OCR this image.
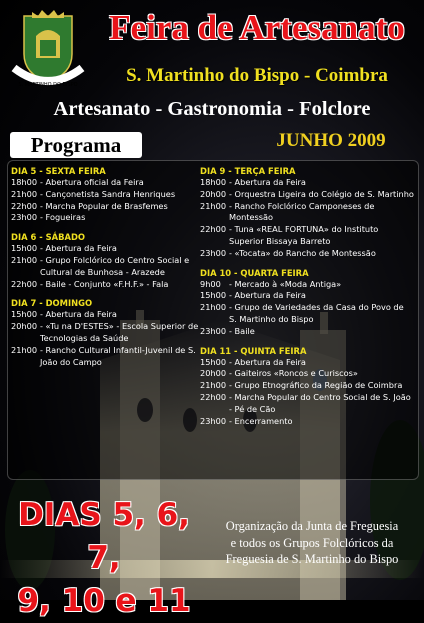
S. MARTINHO DO BISPO
Feira de Artesanato
S. Martinho do Bispo - Coimbra
Artesanato - Gastronomia - Folclore
Programa	JUNHO 2009
DIA 5 - SEXTA FEIRA
18h00 - Abertura oficial da Feira
21h00 - Cançonetista Sandra Henriques
22h00 - Marcha Popular de Brasfemes
23h00 - Fogueiras
DIA 6 - SÁBADO
15h00 - Abertura da Feira
21h00 - Grupo Folclórico do Centro Social e Cultural de Bunhosa - Arazede
22h00 - Baile - Conjunto «F.H.F.» - Fala
DIA 7 - DOMINGO
15h00 - Abertura da Feira
20h00 - «Tu na D'ESTES» - Escola Superior de Tecnologias da Saúde
21h00 - Rancho Cultural Infantil-Juvenil de S. João do Campo
DIA 9 - TERÇA FEIRA
18h00 - Abertura da Feira
20h00 - Orquestra Ligeira do Colégio de S. Martinho
21h00 - Rancho Folclórico Camponeses de Montessão
22h00 - Tuna «REAL FORTUNA» do Instituto Superior Bissaya Barreto
23h00 - «Tocata» do Rancho de Montessão
DIA 10 - QUARTA FEIRA
9h00 - Mercado à «Moda Antiga»
15h00 - Abertura da Feira
21h00 - Grupo de Variedades da Casa do Povo de S. Martinho do Bispo
23h00 - Baile
DIA 11 - QUINTA FEIRA
15h00 - Abertura da Feira
20h00 - Gaiteiros «Roncos e Curiscos»
21h00 - Grupo Etnográfico da Região de Coimbra
22h00 - Marcha Popular do Centro Social de S. João - Pé de Cão
23h00 - Encerramento
DIAS 5, 6, 7,
9, 10 e 11
Organização da Junta de Freguesia
e todos os Grupos Folclóricos da
Freguesia de S. Martinho do Bispo
